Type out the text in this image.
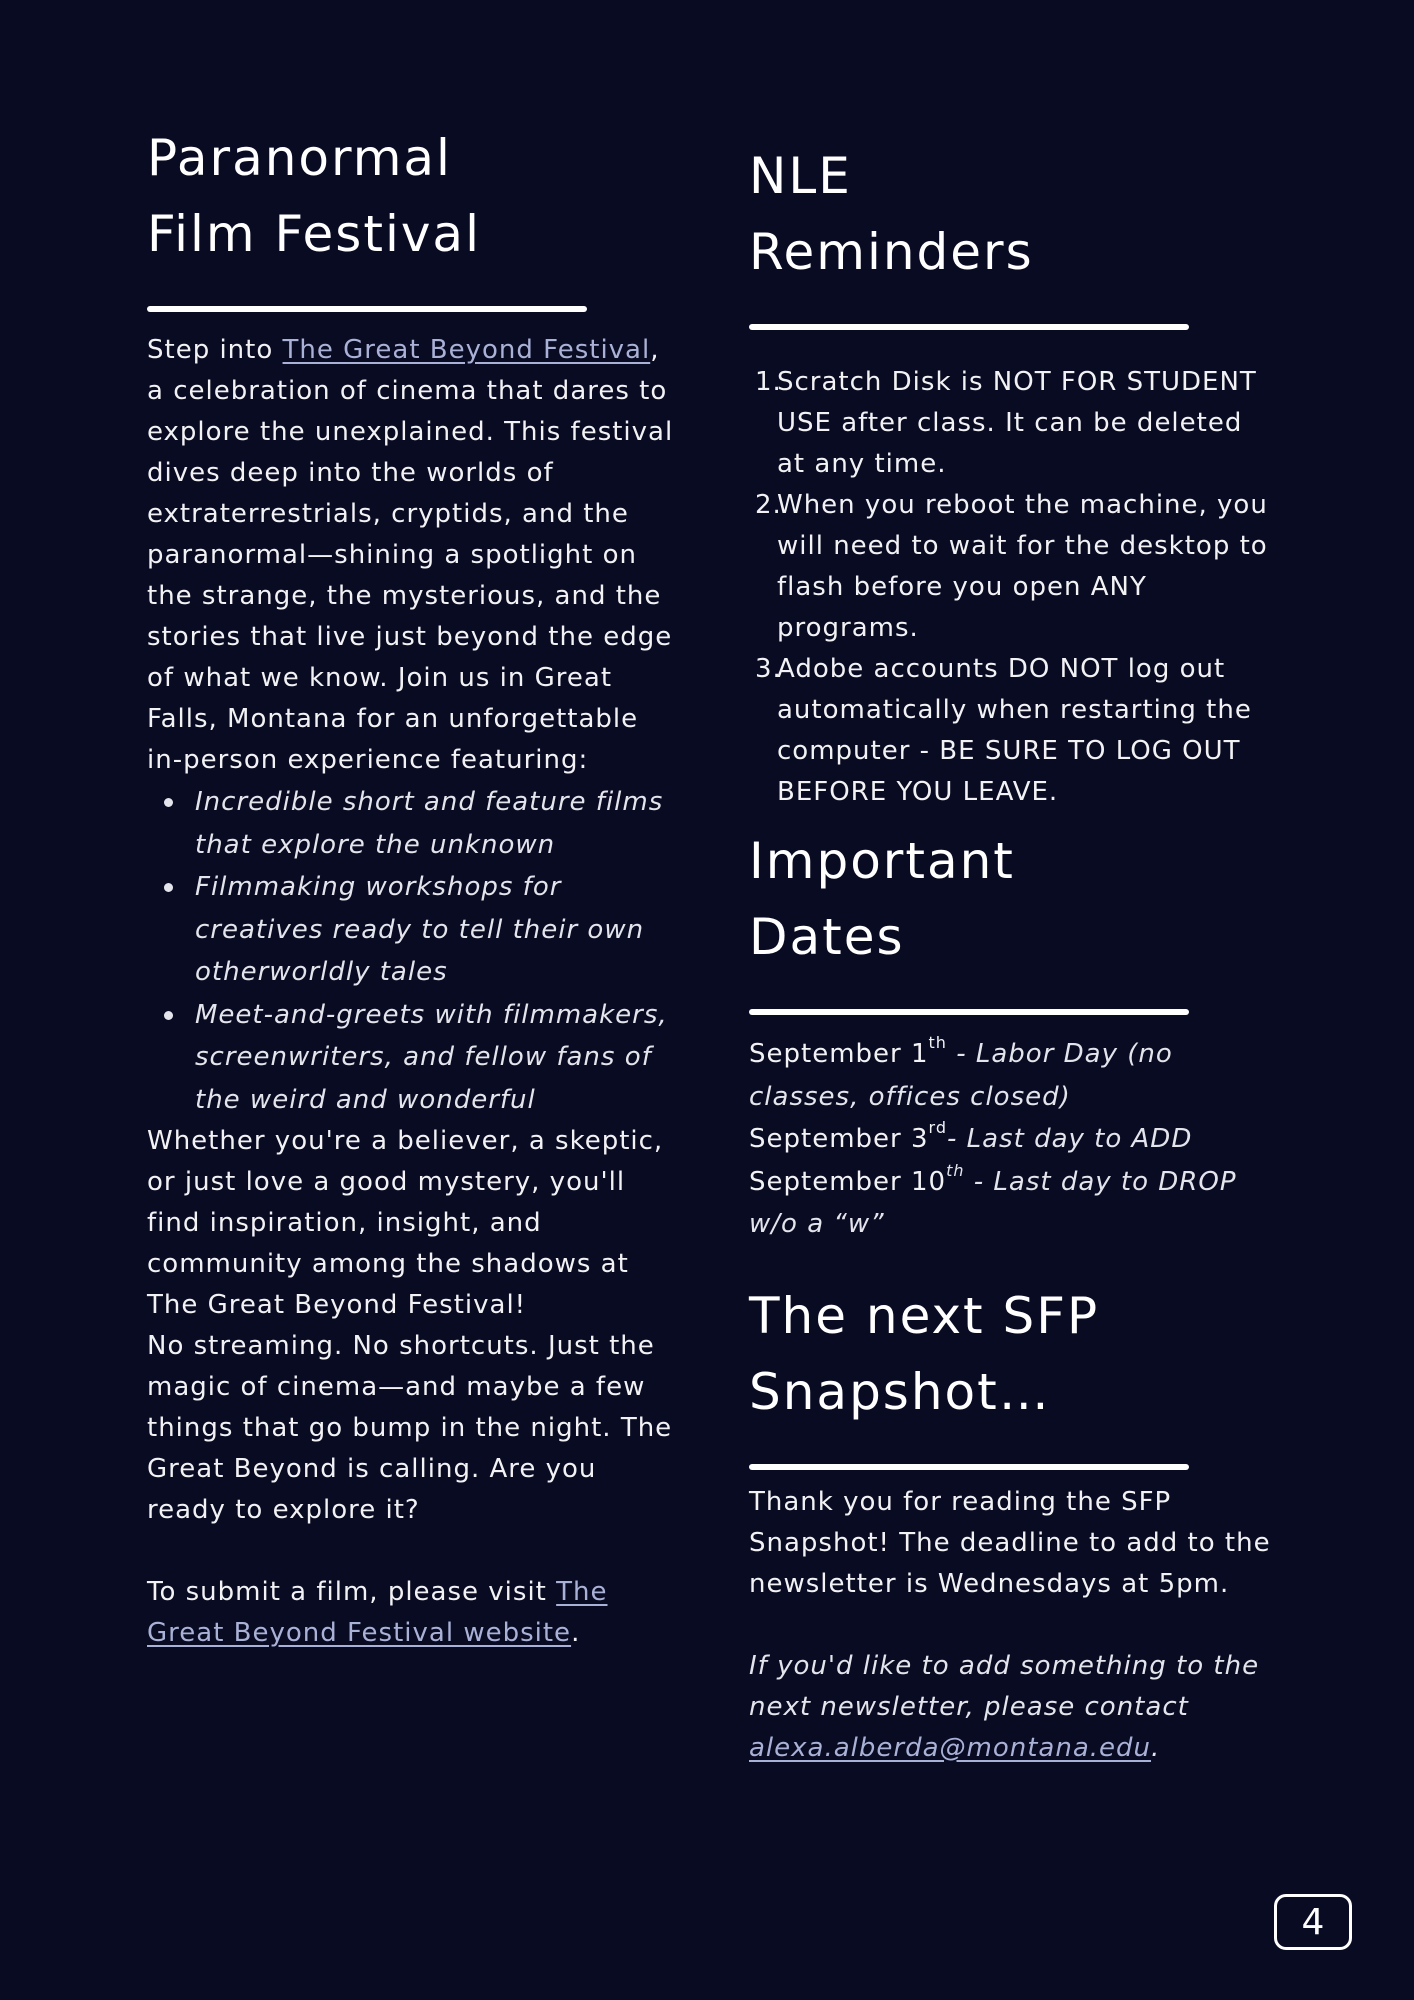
Paranormal
Film Festival

Step into The Great Beyond Festival, a celebration of cinema that dares to explore the unexplained. This festival dives deep into the worlds of extraterrestrials, cryptids, and the paranormal—shining a spotlight on the strange, the mysterious, and the stories that live just beyond the edge of what we know. Join us in Great Falls, Montana for an unforgettable in-person experience featuring:

Incredible short and feature films that explore the unknown
Filmmaking workshops for creatives ready to tell their own otherworldly tales
Meet-and-greets with filmmakers, screenwriters, and fellow fans of the weird and wonderful

Whether you're a believer, a skeptic, or just love a good mystery, you'll find inspiration, insight, and community among the shadows at The Great Beyond Festival!

No streaming. No shortcuts. Just the magic of cinema—and maybe a few things that go bump in the night. The Great Beyond is calling. Are you ready to explore it?

To submit a film, please visit The Great Beyond Festival website.

NLE
Reminders
1.
Scratch Disk is NOT FOR STUDENT USE after class. It can be deleted at any time.
2.
When you reboot the machine, you will need to wait for the desktop to flash before you open ANY programs.
3.
Adobe accounts DO NOT log out automatically when restarting the computer - BE SURE TO LOG OUT BEFORE YOU LEAVE.
Important
Dates
September 1th - Labor Day (no classes, offices closed)
September 3rd- Last day to ADD
September 10th - Last day to DROP w/o a “w”
The next SFP
Snapshot…

Thank you for reading the SFP Snapshot! The deadline to add to the newsletter is Wednesdays at 5pm.

If you'd like to add something to the next newsletter, please contact alexa.alberda@montana.edu.

4
